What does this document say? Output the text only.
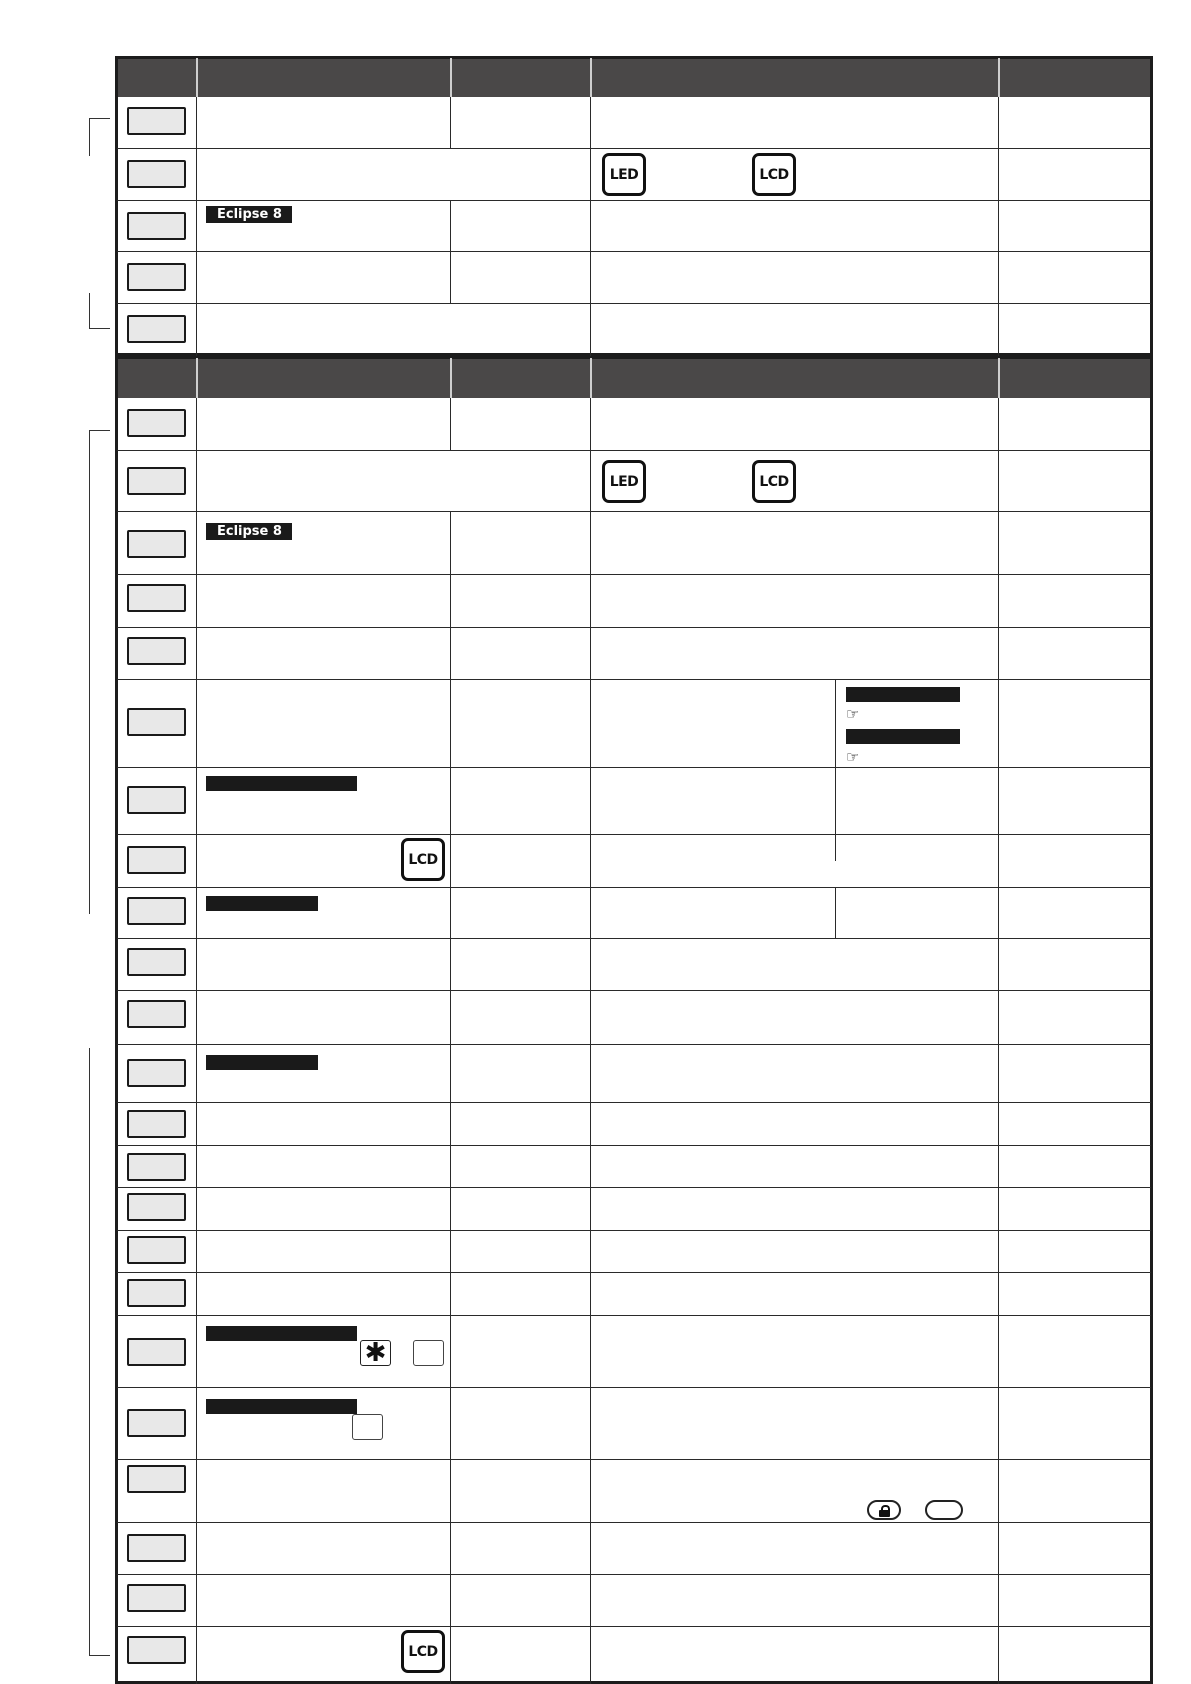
Eclipse 8
Eclipse 8
☞
☞
LED	LCD
LED	LCD
LCD
LCD
✱
